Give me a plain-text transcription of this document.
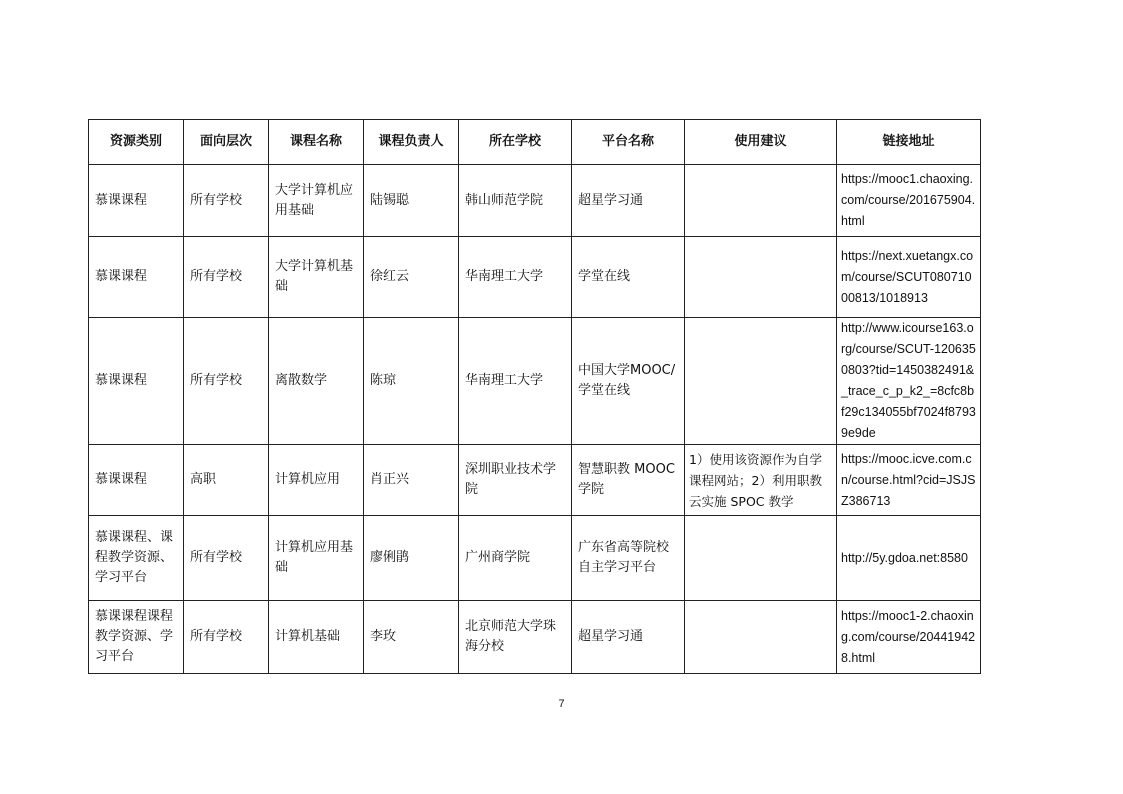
资源类别	面向层次	课程名称	课程负责人	所在学校	平台名称	使用建议	链接地址
慕课课程	所有学校	大学计算机应用基础	陆锡聪	韩山师范学院	超星学习通		https://mooc1.chaoxing.com/course/201675904.html
慕课课程	所有学校	大学计算机基础	徐红云	华南理工大学	学堂在线		https://next.xuetangx.com/course/SCUT08071000813/1018913
慕课课程	所有学校	离散数学	陈琼	华南理工大学	中国大学MOOC/学堂在线		http://www.icourse163.org/course/SCUT-1206350803?tid=1450382491&_trace_c_p_k2_=8cfc8bf29c134055bf7024f87939e9de
慕课课程	高职	计算机应用	肖正兴	深圳职业技术学院	智慧职教 MOOC 学院	1）使用该资源作为自学课程网站；2）利用职教云实施 SPOC 教学	https://mooc.icve.com.cn/course.html?cid=JSJSZ386713
慕课课程、课程教学资源、学习平台	所有学校	计算机应用基础	廖俐鹃	广州商学院	广东省高等院校自主学习平台		http://5y.gdoa.net:8580
慕课课程课程教学资源、学习平台	所有学校	计算机基础	李玫	北京师范大学珠海分校	超星学习通		https://mooc1-2.chaoxing.com/course/204419428.html
7
